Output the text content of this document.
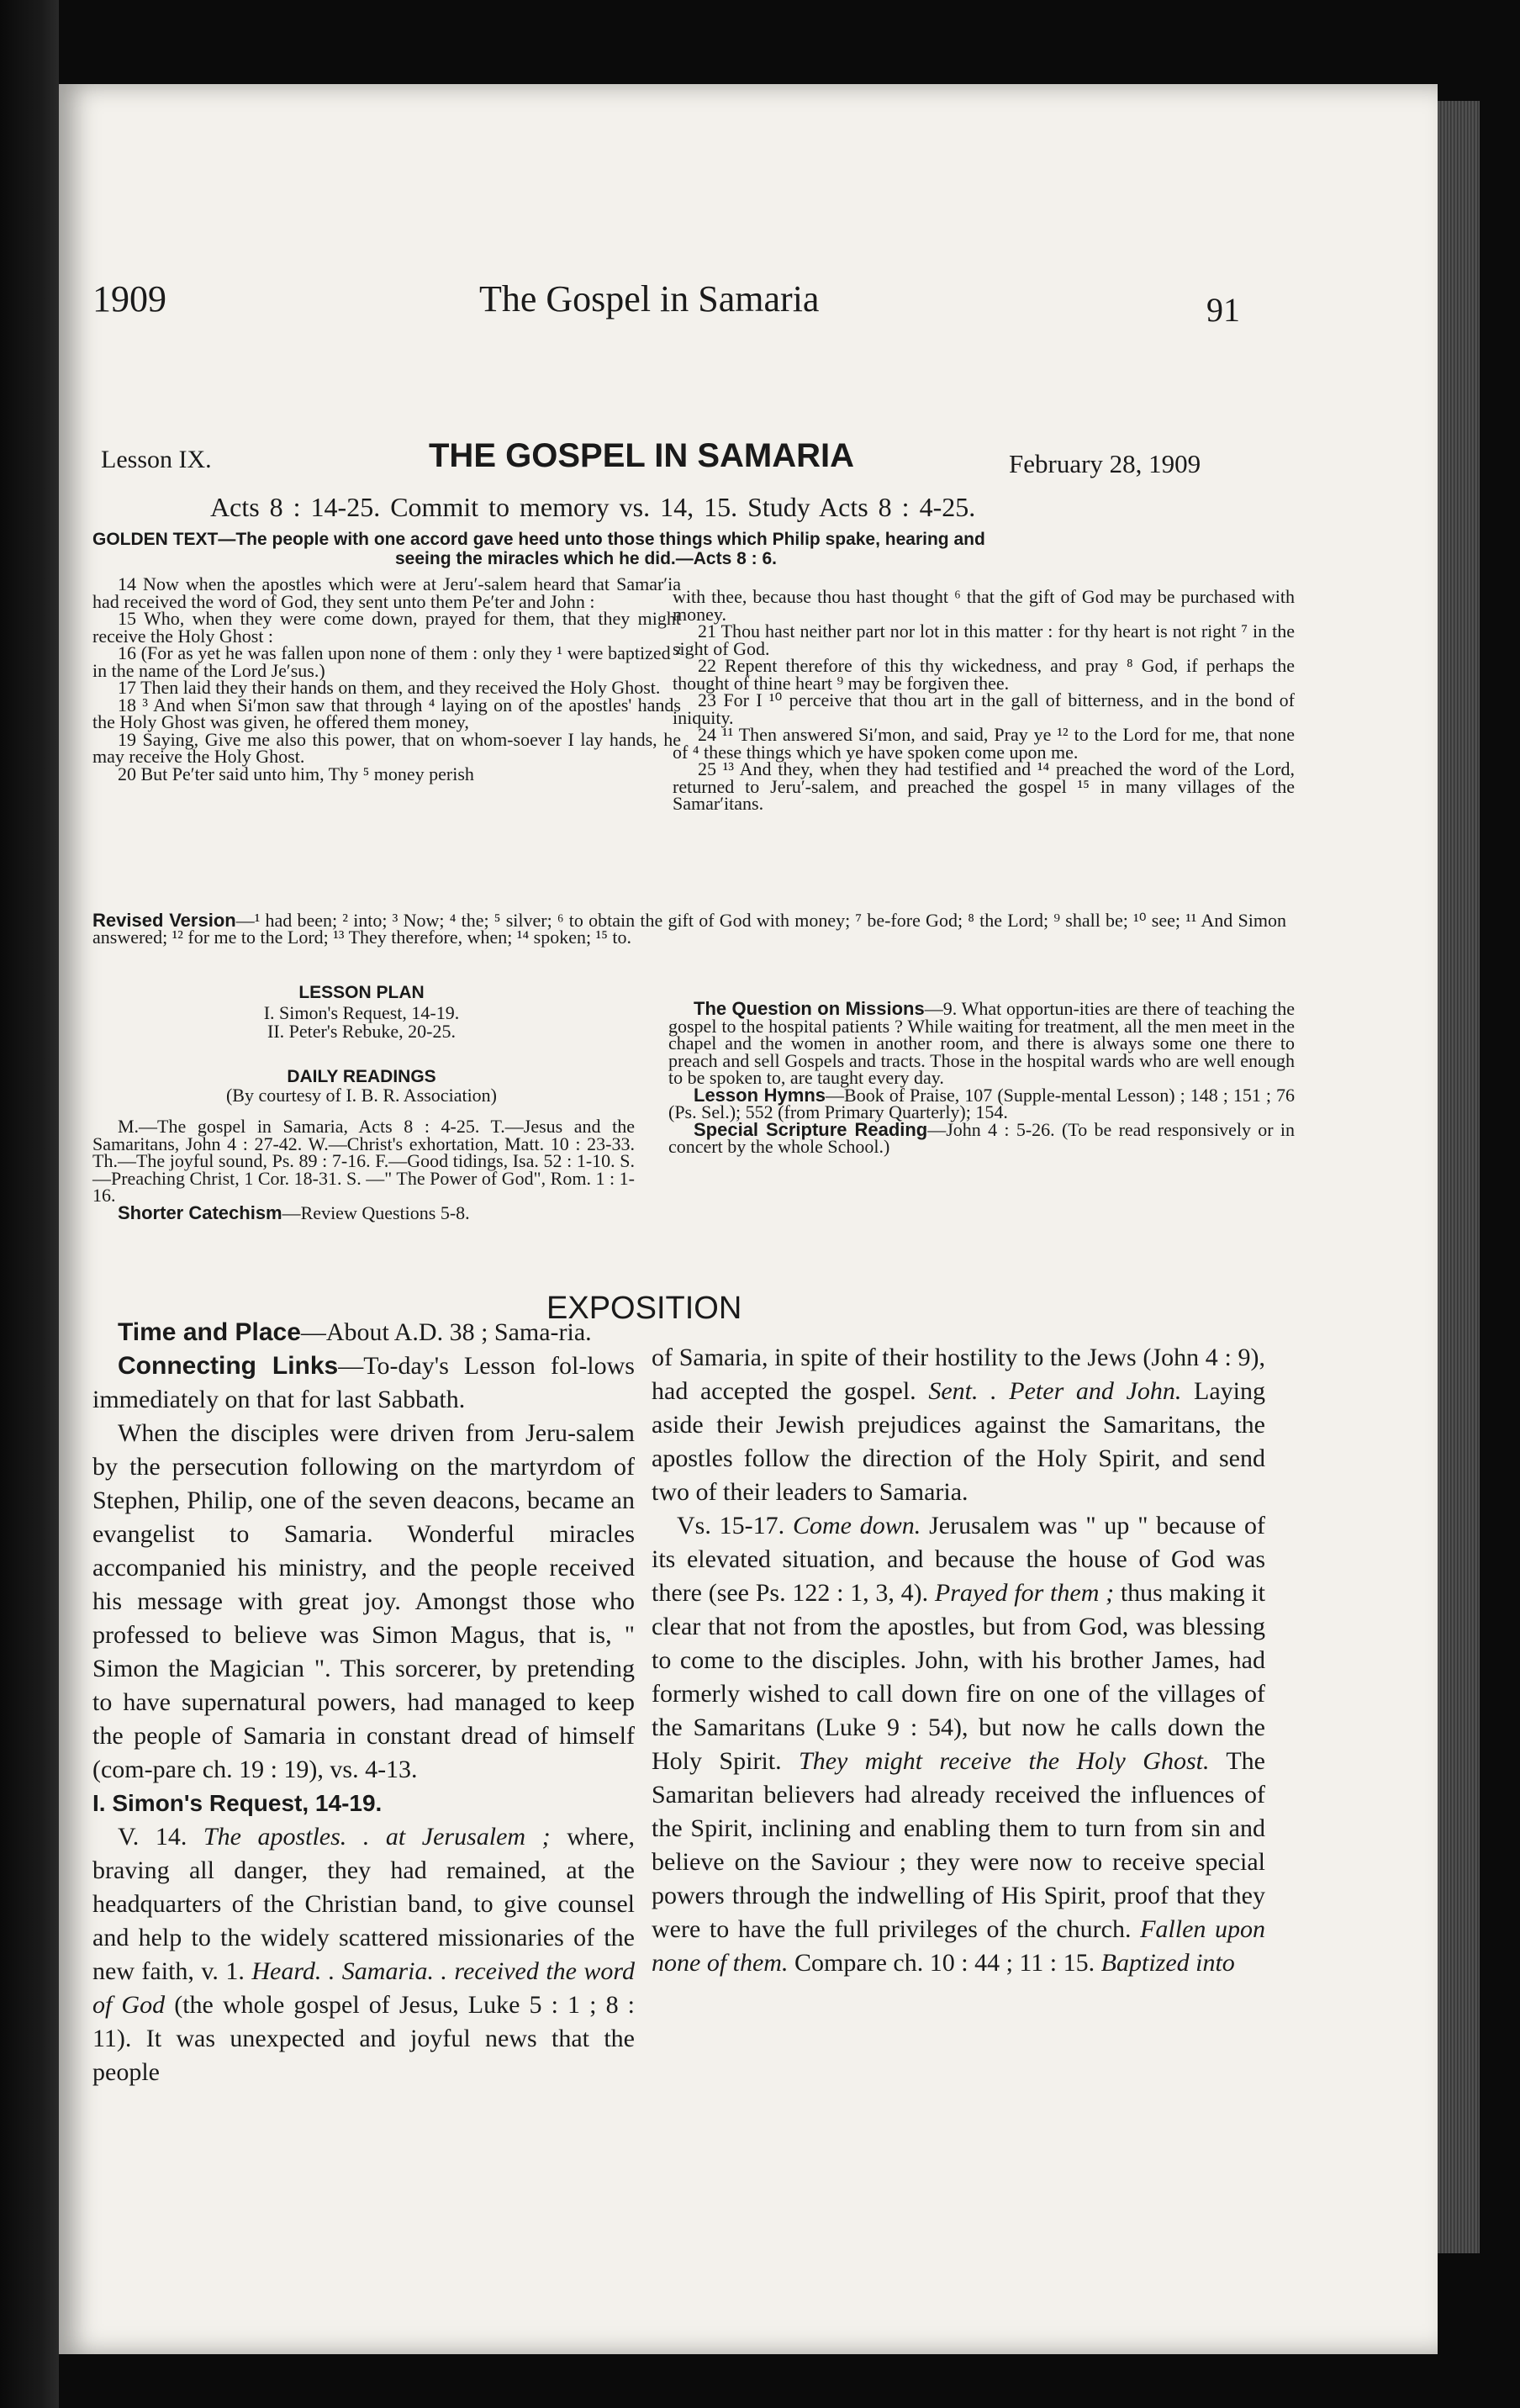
1909	The Gospel in Samaria	91
Lesson IX.	THE GOSPEL IN SAMARIA	February 28, 1909
Acts 8 : 14-25. Commit to memory vs. 14, 15. Study Acts 8 : 4-25.
GOLDEN TEXT—The people with one accord gave heed unto those things which Philip spake, hearing and
seeing the miracles which he did.—Acts 8 : 6.
14 Now when the apostles which were at Jeru′-salem heard that Samar′ia had received the word of God, they sent unto them Pe′ter and John :
15 Who, when they were come down, prayed for them, that they might receive the Holy Ghost :
16 (For as yet he was fallen upon none of them : only they ¹ were baptized ² in the name of the Lord Je′sus.)
17 Then laid they their hands on them, and they received the Holy Ghost.
18 ³ And when Si′mon saw that through ⁴ laying on of the apostles' hands the Holy Ghost was given, he offered them money,
19 Saying, Give me also this power, that on whom-soever I lay hands, he may receive the Holy Ghost.
20 But Pe′ter said unto him, Thy ⁵ money perish
with thee, because thou hast thought ⁶ that the gift of God may be purchased with money.
21 Thou hast neither part nor lot in this matter : for thy heart is not right ⁷ in the sight of God.
22 Repent therefore of this thy wickedness, and pray ⁸ God, if perhaps the thought of thine heart ⁹ may be forgiven thee.
23 For I ¹⁰ perceive that thou art in the gall of bitterness, and in the bond of iniquity.
24 ¹¹ Then answered Si′mon, and said, Pray ye ¹² to the Lord for me, that none of ⁴ these things which ye have spoken come upon me.
25 ¹³ And they, when they had testified and ¹⁴ preached the word of the Lord, returned to Jeru′-salem, and preached the gospel ¹⁵ in many villages of the Samar′itans.
Revised Version—¹ had been; ² into; ³ Now; ⁴ the; ⁵ silver; ⁶ to obtain the gift of God with money; ⁷ be-fore God; ⁸ the Lord; ⁹ shall be; ¹⁰ see; ¹¹ And Simon answered; ¹² for me to the Lord; ¹³ They therefore, when; ¹⁴ spoken; ¹⁵ to.
LESSON PLAN
I. Simon's Request, 14-19.
II. Peter's Rebuke, 20-25.
DAILY READINGS
(By courtesy of I. B. R. Association)
M.—The gospel in Samaria, Acts 8 : 4-25. T.—Jesus and the Samaritans, John 4 : 27-42. W.—Christ's exhortation, Matt. 10 : 23-33. Th.—The joyful sound, Ps. 89 : 7-16. F.—Good tidings, Isa. 52 : 1-10. S.—Preaching Christ, 1 Cor. 18-31. S. —" The Power of God", Rom. 1 : 1-16.
Shorter Catechism—Review Questions 5-8.
The Question on Missions—9. What opportun-ities are there of teaching the gospel to the hospital patients ? While waiting for treatment, all the men meet in the chapel and the women in another room, and there is always some one there to preach and sell Gospels and tracts. Those in the hospital wards who are well enough to be spoken to, are taught every day.
Lesson Hymns—Book of Praise, 107 (Supple-mental Lesson) ; 148 ; 151 ; 76 (Ps. Sel.); 552 (from Primary Quarterly); 154.
Special Scripture Reading—John 4 : 5-26. (To be read responsively or in concert by the whole School.)
EXPOSITION

Time and Place—About A.D. 38 ; Sama-ria.

Connecting Links—To-day's Lesson fol-lows immediately on that for last Sabbath.

When the disciples were driven from Jeru-salem by the persecution following on the martyrdom of Stephen, Philip, one of the seven deacons, became an evangelist to Samaria. Wonderful miracles accompanied his ministry, and the people received his message with great joy. Amongst those who professed to believe was Simon Magus, that is, " Simon the Magician ". This sorcerer, by pretending to have supernatural powers, had managed to keep the people of Samaria in constant dread of himself (com-pare ch. 19 : 19), vs. 4-13.

I. Simon's Request, 14-19.

V. 14. The apostles. . at Jerusalem ; where, braving all danger, they had remained, at the headquarters of the Christian band, to give counsel and help to the widely scattered missionaries of the new faith, v. 1. Heard. . Samaria. . received the word of God (the whole gospel of Jesus, Luke 5 : 1 ; 8 : 11). It was unexpected and joyful news that the people

of Samaria, in spite of their hostility to the Jews (John 4 : 9), had accepted the gospel. Sent. . Peter and John. Laying aside their Jewish prejudices against the Samaritans, the apostles follow the direction of the Holy Spirit, and send two of their leaders to Samaria.

Vs. 15-17. Come down. Jerusalem was " up " because of its elevated situation, and because the house of God was there (see Ps. 122 : 1, 3, 4). Prayed for them ; thus making it clear that not from the apostles, but from God, was blessing to come to the disciples. John, with his brother James, had formerly wished to call down fire on one of the villages of the Samaritans (Luke 9 : 54), but now he calls down the Holy Spirit. They might receive the Holy Ghost. The Samaritan believers had already received the influences of the Spirit, inclining and enabling them to turn from sin and believe on the Saviour ; they were now to receive special powers through the indwelling of His Spirit, proof that they were to have the full privileges of the church. Fallen upon none of them. Compare ch. 10 : 44 ; 11 : 15. Baptized into
